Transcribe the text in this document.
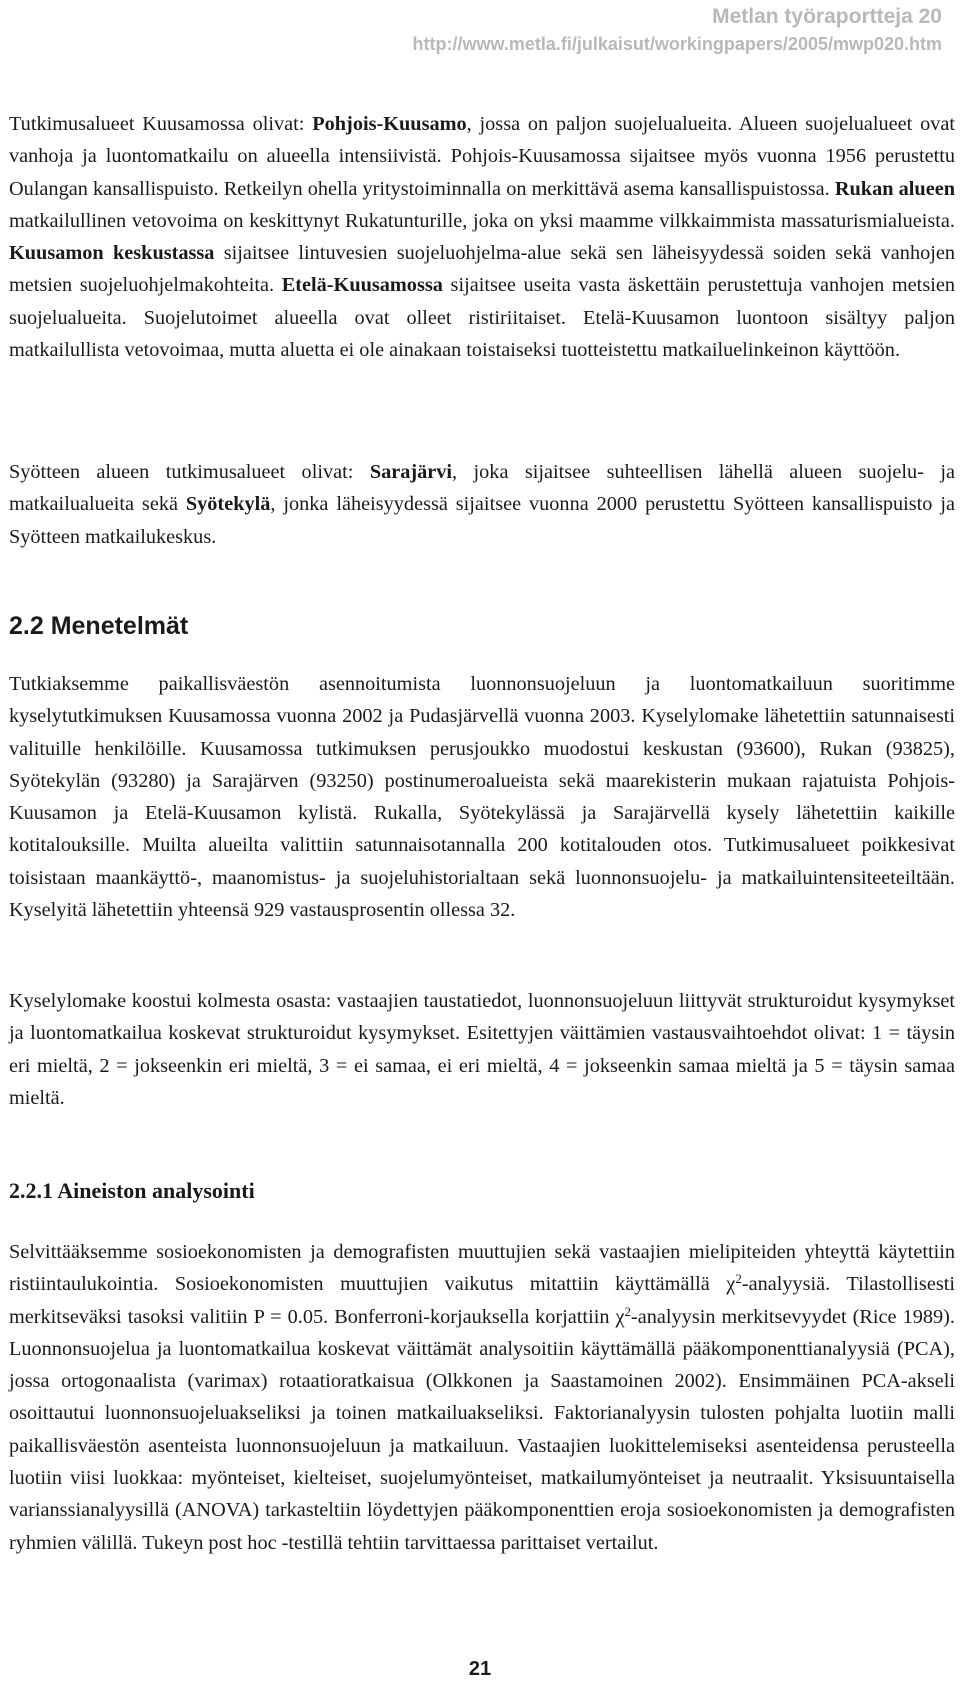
Metlan työraportteja 20
http://www.metla.fi/julkaisut/workingpapers/2005/mwp020.htm

Tutkimusalueet Kuusamossa olivat: Pohjois-Kuusamo, jossa on paljon suojelualueita. Alueen suojelualueet ovat vanhoja ja luontomatkailu on alueella intensiivistä. Pohjois-Kuusamossa sijaitsee myös vuonna 1956 perustettu Oulangan kansallispuisto. Retkeilyn ohella yritystoiminnalla on merkittävä asema kansallispuistossa. Rukan alueen matkailullinen vetovoima on keskittynyt Rukatunturille, joka on yksi maamme vilkkaimmista massaturismialueista. Kuusamon keskustassa sijaitsee lintuvesien suojeluohjelma-alue sekä sen läheisyydessä soiden sekä vanhojen metsien suojeluohjelmakohteita. Etelä-Kuusamossa sijaitsee useita vasta äskettäin perustettuja vanhojen metsien suojelualueita. Suojelutoimet alueella ovat olleet ristiriitaiset. Etelä-Kuusamon luontoon sisältyy paljon matkailullista vetovoimaa, mutta aluetta ei ole ainakaan toistaiseksi tuotteistettu matkailuelinkeinon käyttöön.

Syötteen alueen tutkimusalueet olivat: Sarajärvi, joka sijaitsee suhteellisen lähellä alueen suojelu- ja matkailualueita sekä Syötekylä, jonka läheisyydessä sijaitsee vuonna 2000 perustettu Syötteen kansallispuisto ja Syötteen matkailukeskus.

2.2 Menetelmät

Tutkiaksemme paikallisväestön asennoitumista luonnonsuojeluun ja luontomatkailuun suoritimme kyselytutkimuksen Kuusamossa vuonna 2002 ja Pudasjärvellä vuonna 2003. Kyselylomake lähetettiin satunnaisesti valituille henkilöille. Kuusamossa tutkimuksen perusjoukko muodostui keskustan (93600), Rukan (93825), Syötekylän (93280) ja Sarajärven (93250) postinumeroalueista sekä maarekisterin mukaan rajatuista Pohjois-Kuusamon ja Etelä-Kuusamon kylistä. Rukalla, Syötekylässä ja Sarajärvellä kysely lähetettiin kaikille kotitalouksille. Muilta alueilta valittiin satunnaisotannalla 200 kotitalouden otos. Tutkimusalueet poikkesivat toisistaan maankäyttö-, maanomistus- ja suojeluhistorialtaan sekä luonnonsuojelu- ja matkailuintensiteeteiltään. Kyselyitä lähetettiin yhteensä 929 vastausprosentin ollessa 32.

Kyselylomake koostui kolmesta osasta: vastaajien taustatiedot, luonnonsuojeluun liittyvät strukturoidut kysymykset ja luontomatkailua koskevat strukturoidut kysymykset. Esitettyjen väittämien vastausvaihtoehdot olivat: 1 = täysin eri mieltä, 2 = jokseenkin eri mieltä, 3 = ei samaa, ei eri mieltä, 4 = jokseenkin samaa mieltä ja 5 = täysin samaa mieltä.

2.2.1 Aineiston analysointi

Selvittääksemme sosioekonomisten ja demografisten muuttujien sekä vastaajien mielipiteiden yhteyttä käytettiin ristiintaulukointia. Sosioekonomisten muuttujien vaikutus mitattiin käyttämällä $\chi^2$-analyysiä. Tilastollisesti merkitseväksi tasoksi valitiin P = 0.05. Bonferroni-korjauksella korjattiin $\chi^2$-analyysin merkitsevyydet (Rice 1989). Luonnonsuojelua ja luontomatkailua koskevat väittämät analysoitiin käyttämällä pääkomponenttianalyysiä (PCA), jossa ortogonaalista (varimax) rotaatioratkaisua (Olkkonen ja Saastamoinen 2002). Ensimmäinen PCA-akseli osoittautui luonnonsuojeluakseliksi ja toinen matkailuakseliksi. Faktorianalyysin tulosten pohjalta luotiin malli paikallisväestön asenteista luonnonsuojeluun ja matkailuun. Vastaajien luokittelemiseksi asenteidensa perusteella luotiin viisi luokkaa: myönteiset, kielteiset, suojelumyönteiset, matkailumyönteiset ja neutraalit. Yksisuuntaisella varianssianalyysillä (ANOVA) tarkasteltiin löydettyjen pääkomponenttien eroja sosioekonomisten ja demografisten ryhmien välillä. Tukeyn post hoc -testillä tehtiin tarvittaessa parittaiset vertailut.

21
